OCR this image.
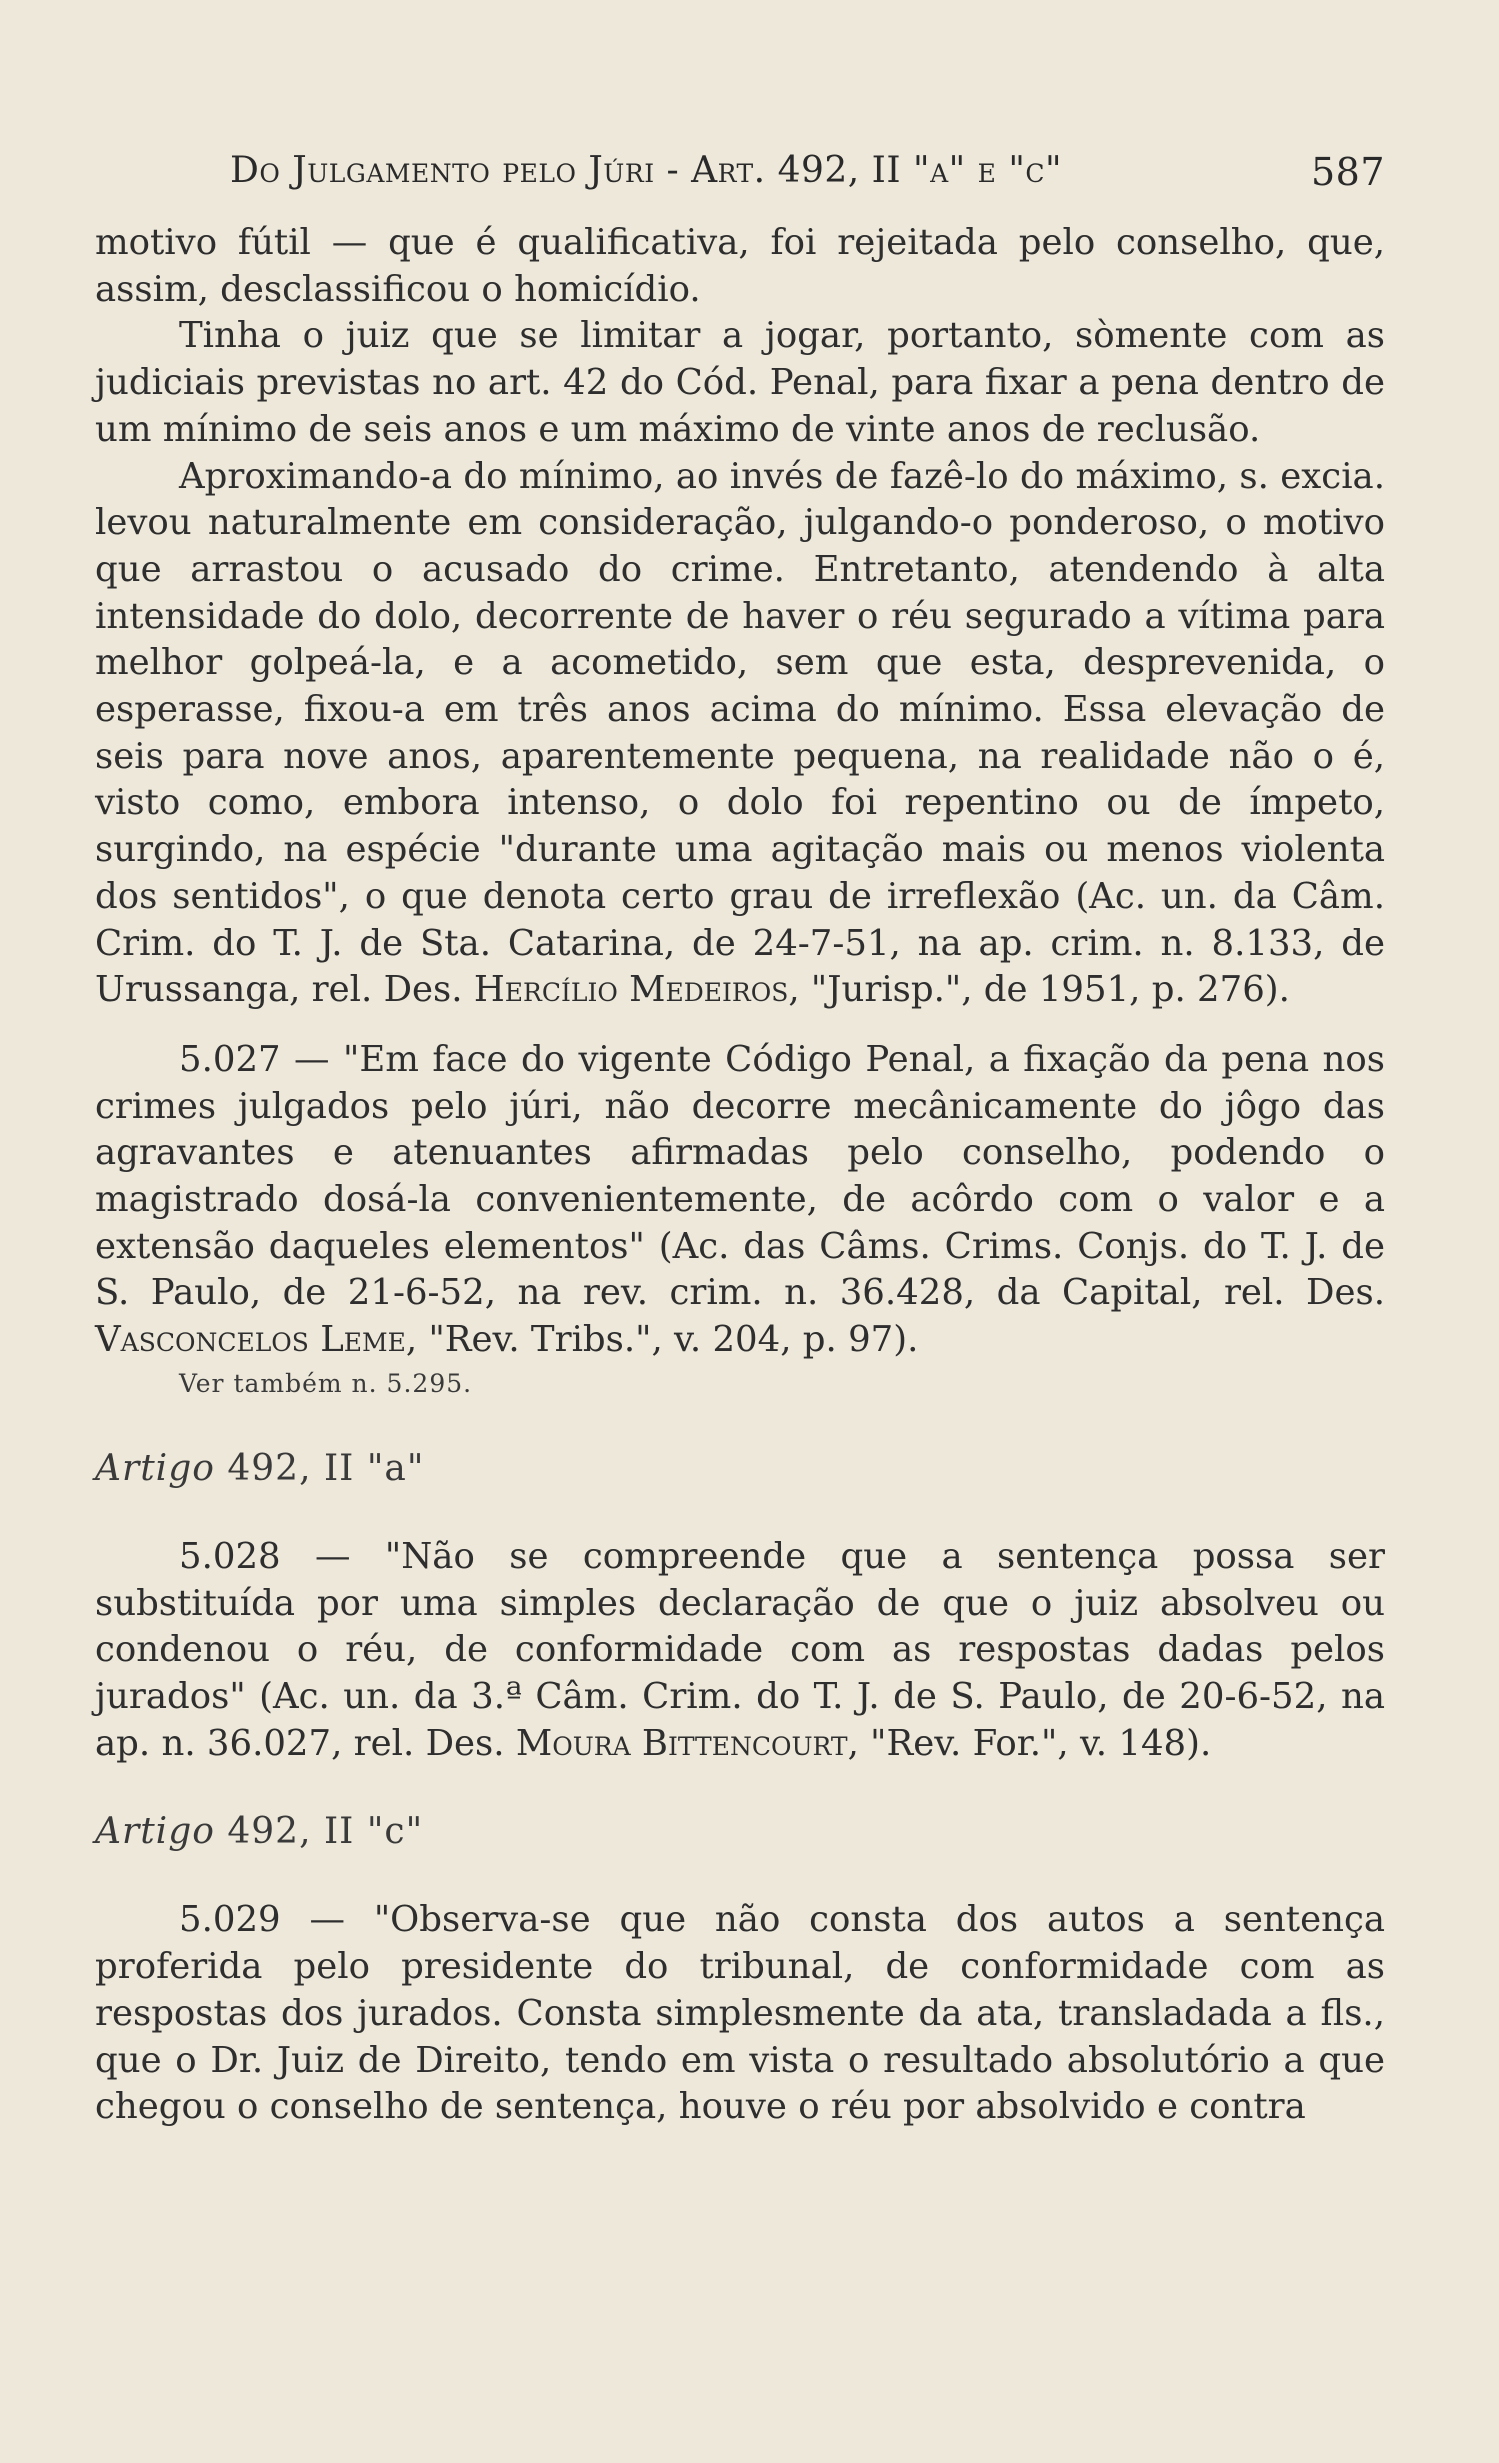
Do Julgamento pelo Júri - Art. 492, II "a" e "c"	587

motivo fútil — que é qualificativa, foi rejeitada pelo conselho, que, assim, desclassificou o homicídio.

Tinha o juiz que se limitar a jogar, portanto, sòmente com as judiciais previstas no art. 42 do Cód. Penal, para fixar a pena dentro de um mínimo de seis anos e um máximo de vinte anos de reclusão.

Aproximando-a do mínimo, ao invés de fazê-lo do máximo, s. excia. levou naturalmente em consideração, julgando-o ponderoso, o motivo que arrastou o acusado do crime. Entretanto, atendendo à alta intensidade do dolo, decorrente de haver o réu segurado a vítima para melhor golpeá-la, e a acometido, sem que esta, desprevenida, o esperasse, fixou-a em três anos acima do mínimo. Essa elevação de seis para nove anos, aparentemente pequena, na realidade não o é, visto como, embora intenso, o dolo foi repentino ou de ímpeto, surgindo, na espécie "durante uma agitação mais ou menos violenta dos sentidos", o que denota certo grau de irreflexão (Ac. un. da Câm. Crim. do T. J. de Sta. Catarina, de 24-7-51, na ap. crim. n. 8.133, de Urussanga, rel. Des. Hercílio Medeiros, "Jurisp.", de 1951, p. 276).

5.027 — "Em face do vigente Código Penal, a fixação da pena nos crimes julgados pelo júri, não decorre mecânicamente do jôgo das agravantes e atenuantes afirmadas pelo conselho, podendo o magistrado dosá-la convenientemente, de acôrdo com o valor e a extensão daqueles elementos" (Ac. das Câms. Crims. Conjs. do T. J. de S. Paulo, de 21-6-52, na rev. crim. n. 36.428, da Capital, rel. Des. Vasconcelos Leme, "Rev. Tribs.", v. 204, p. 97).

Ver também n. 5.295.

Artigo 492, II "a"

5.028 — "Não se compreende que a sentença possa ser substituída por uma simples declaração de que o juiz absolveu ou condenou o réu, de conformidade com as respostas dadas pelos jurados" (Ac. un. da 3.ª Câm. Crim. do T. J. de S. Paulo, de 20-6-52, na ap. n. 36.027, rel. Des. Moura Bittencourt, "Rev. For.", v. 148).

Artigo 492, II "c"

5.029 — "Observa-se que não consta dos autos a sentença proferida pelo presidente do tribunal, de conformidade com as respostas dos jurados. Consta simplesmente da ata, transladada a fls., que o Dr. Juiz de Direito, tendo em vista o resultado absolutório a que chegou o conselho de sentença, houve o réu por absolvido e contra
